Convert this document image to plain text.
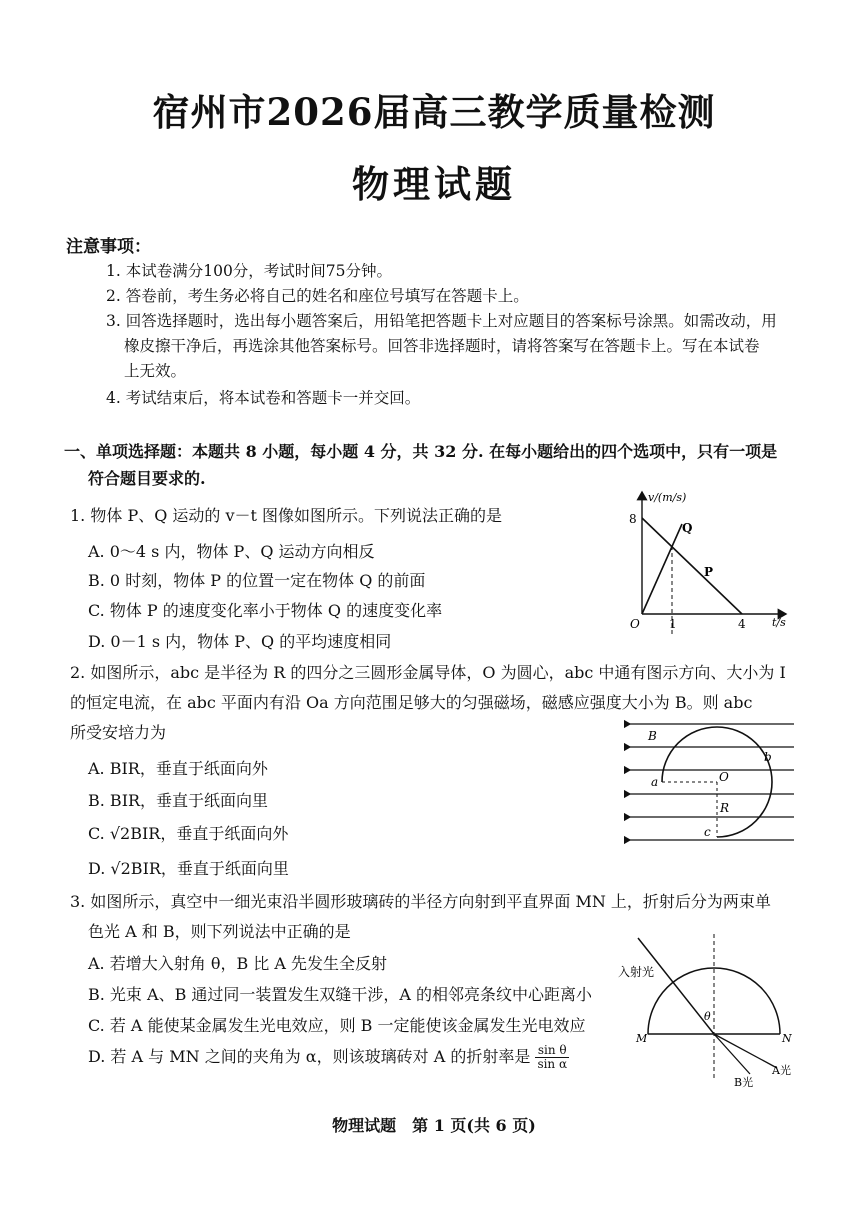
宿州市2026届高三教学质量检测
物理试题
注意事项：
1. 本试卷满分100分，考试时间75分钟。
2. 答卷前，考生务必将自己的姓名和座位号填写在答题卡上。
3. 回答选择题时，选出每小题答案后，用铅笔把答题卡上对应题目的答案标号涂黑。如需改动，用
橡皮擦干净后，再选涂其他答案标号。回答非选择题时，请将答案写在答题卡上。写在本试卷
上无效。
4. 考试结束后，将本试卷和答题卡一并交回。
一、单项选择题：本题共 8 小题，每小题 4 分，共 32 分. 在每小题给出的四个选项中，只有一项是
符合题目要求的.
1. 物体 P、Q 运动的 v－t 图像如图所示。下列说法正确的是
A. 0～4 s 内，物体 P、Q 运动方向相反
B. 0 时刻，物体 P 的位置一定在物体 Q 的前面
C. 物体 P 的速度变化率小于物体 Q 的速度变化率
D. 0－1 s 内，物体 P、Q 的平均速度相同
v/(m/s)
t/s
O
8
1	4
Q
P
2. 如图所示，abc 是半径为 R 的四分之三圆形金属导体，O 为圆心，abc 中通有图示方向、大小为 I
的恒定电流，在 abc 平面内有沿 Oa 方向范围足够大的匀强磁场，磁感应强度大小为 B。则 abc
所受安培力为
A. BIR，垂直于纸面向外
B. BIR，垂直于纸面向里
C. √2BIR，垂直于纸面向外
D. √2BIR，垂直于纸面向里
B
a
b
O
R
c
3. 如图所示，真空中一细光束沿半圆形玻璃砖的半径方向射到平直界面 MN 上，折射后分为两束单
色光 A 和 B，则下列说法中正确的是
A. 若增大入射角 θ，B 比 A 先发生全反射
B. 光束 A、B 通过同一装置发生双缝干涉，A 的相邻亮条纹中心距离小
C. 若 A 能使某金属发生光电效应，则 B 一定能使该金属发生光电效应
D. 若 A 与 MN 之间的夹角为 α，则该玻璃砖对 A 的折射率是 $\frac{\text{sin θ}}{\text{sin α}}$
入射光
θ
M	N
A光
B光
物理试题　第 1 页(共 6 页)
